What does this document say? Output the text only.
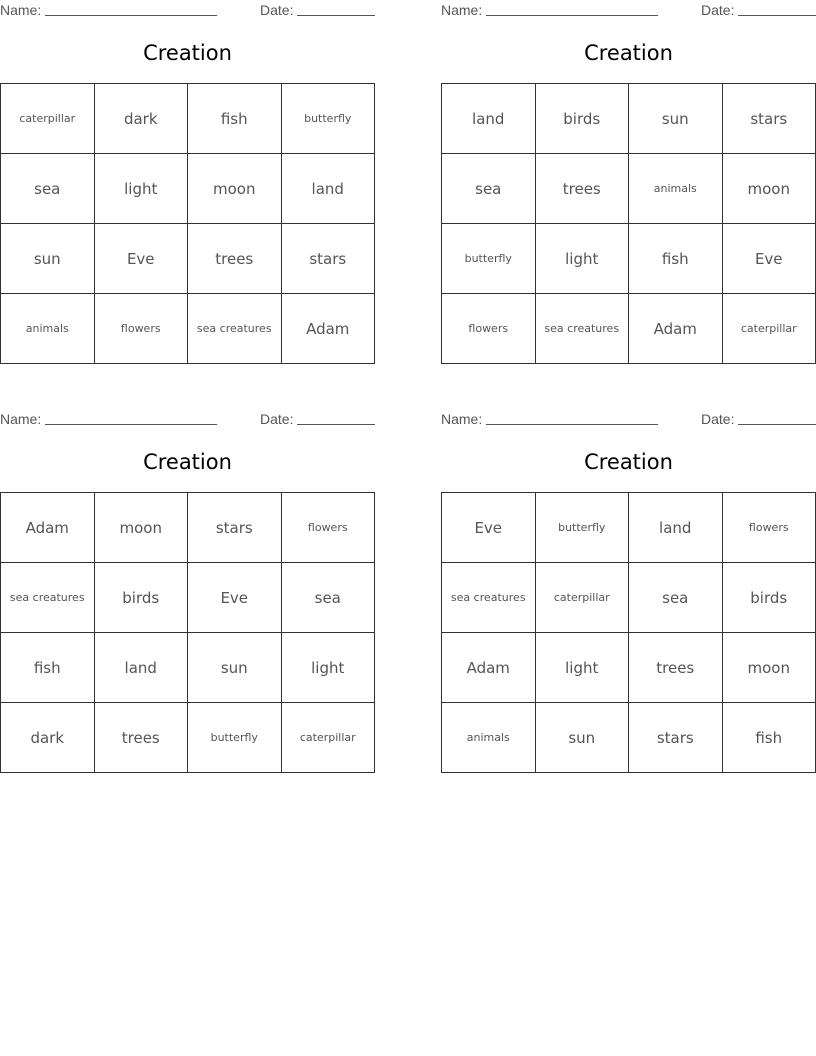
Name:	Date:
Creation
caterpillar	dark	fish	butterfly
sea	light	moon	land
sun	Eve	trees	stars
animals	flowers	sea creatures	Adam
Name:	Date:
Creation
land	birds	sun	stars
sea	trees	animals	moon
butterfly	light	fish	Eve
flowers	sea creatures	Adam	caterpillar
Name:	Date:
Creation
Adam	moon	stars	flowers
sea creatures	birds	Eve	sea
fish	land	sun	light
dark	trees	butterfly	caterpillar
Name:	Date:
Creation
Eve	butterfly	land	flowers
sea creatures	caterpillar	sea	birds
Adam	light	trees	moon
animals	sun	stars	fish
